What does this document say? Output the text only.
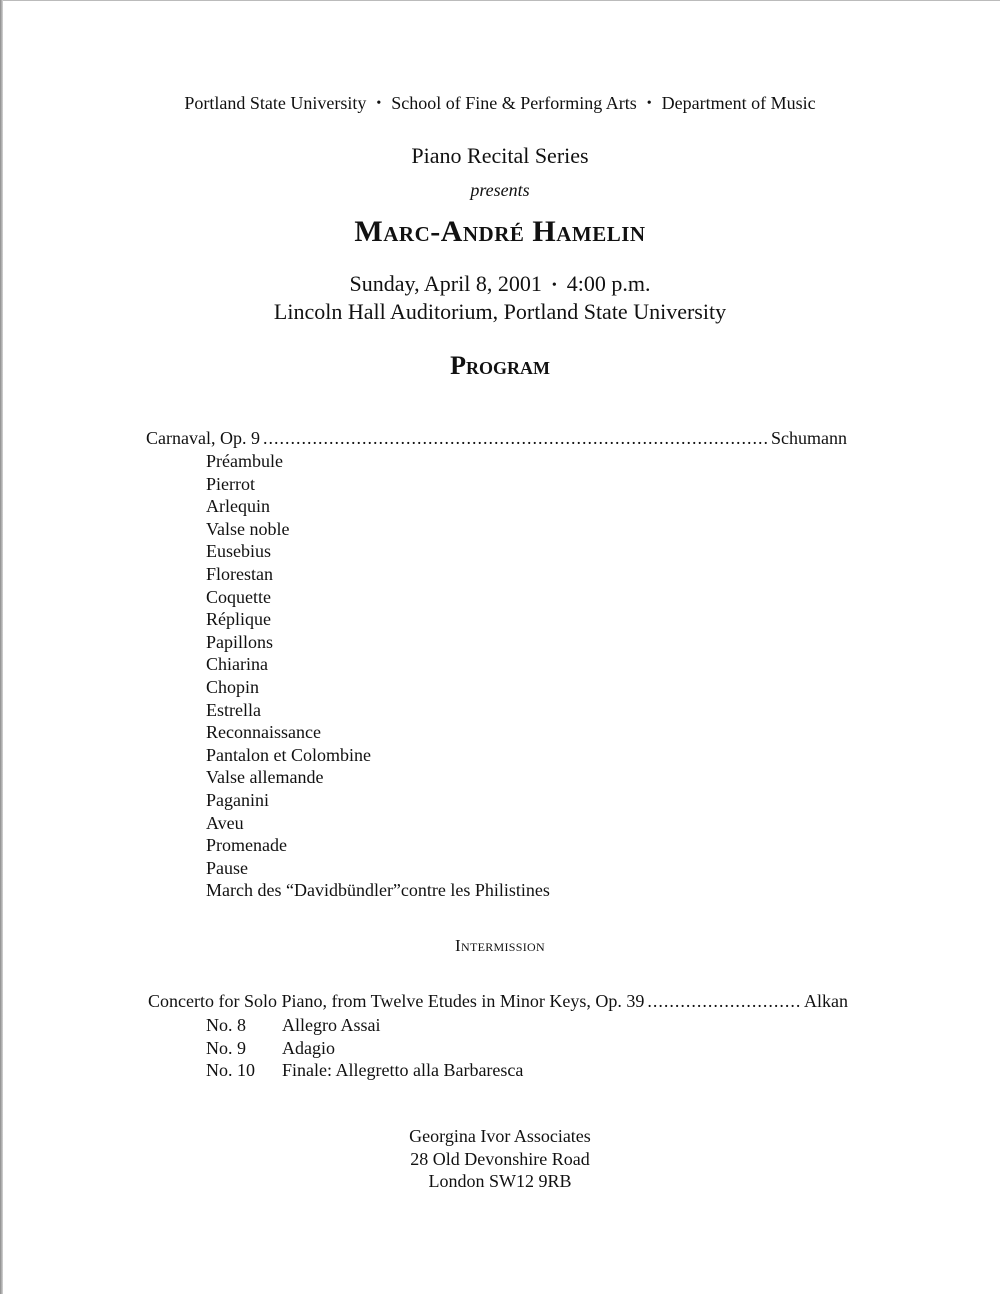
Portland State University • School of Fine & Performing Arts • Department of Music
Piano Recital Series
presents
Marc-André Hamelin
Sunday, April 8, 2001 • 4:00 p.m.
Lincoln Hall Auditorium, Portland State University
Program
Carnaval, Op. 9 .....	Schumann
Préambule
Pierrot
Arlequin
Valse noble
Eusebius
Florestan
Coquette
Réplique
Papillons
Chiarina
Chopin
Estrella
Reconnaissance
Pantalon et Colombine
Valse allemande
Paganini
Aveu
Promenade
Pause
March des “Davidbündler”contre les Philistines
Intermission
Concerto for Solo Piano, from Twelve Etudes in Minor Keys, Op. 39 .....	Alkan
No. 8 Allegro Assai
No. 9 Adagio
No. 10 Finale: Allegretto alla Barbaresca
Georgina Ivor Associates
28 Old Devonshire Road
London SW12 9RB
